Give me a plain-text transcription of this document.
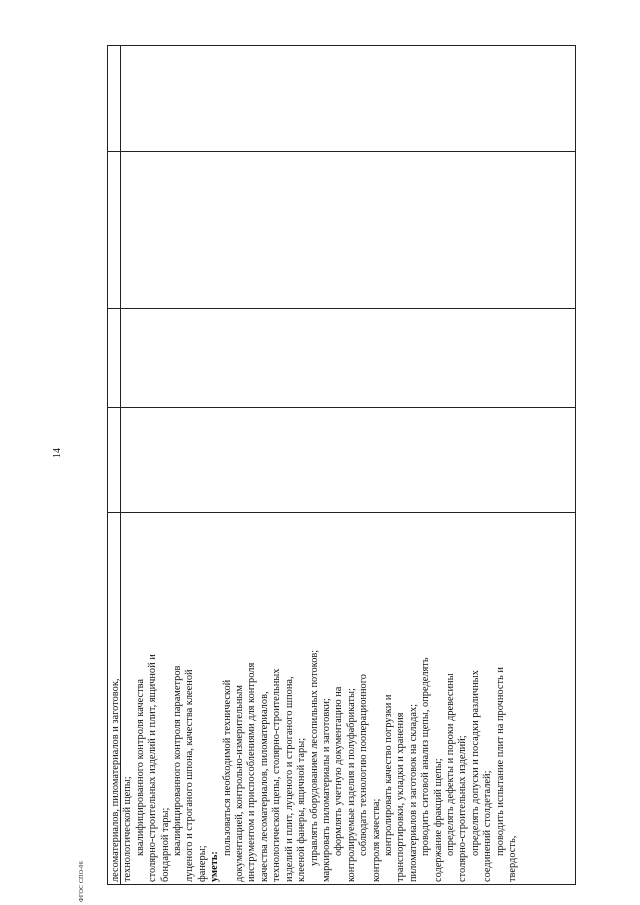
14
ФГОС СПО-06 лесоматериалов, пиломатериалов и заготовок, технологической щепы; квалифицированного контроля качества столярно-строительных изделий и плит, ящичной и бондарной тары; квалифицированного контроля параметров луценого и строганого шпона, качества клееной фанеры; уметь:
пользоваться необходимой технической документацией, контрольно-измерительным инструментом и приспособлениями для контроля качества лесоматериалов, пиломатериалов, технологической щепы, столярно-строительных изделий и плит, луценого и строганого шпона, клееной фанеры, ящичной тары; управлять оборудованием лесопильных потоков; маркировать пиломатериалы и заготовки; оформлять учетную документацию на контролируемые изделия и полуфабрикаты; соблюдать технологию пооперационного контроля качества; контролировать качество погрузки и транспортировки, укладки и хранения пиломатериалов и заготовок на складах; проводить ситовой анализ щепы, определять содержание фракций щепы; определять дефекты и пороки древесины столярно-строительных изделий; определять допуски и посадки различных соединений столдеталей; проводить испытание плит на прочность и
твердость,
